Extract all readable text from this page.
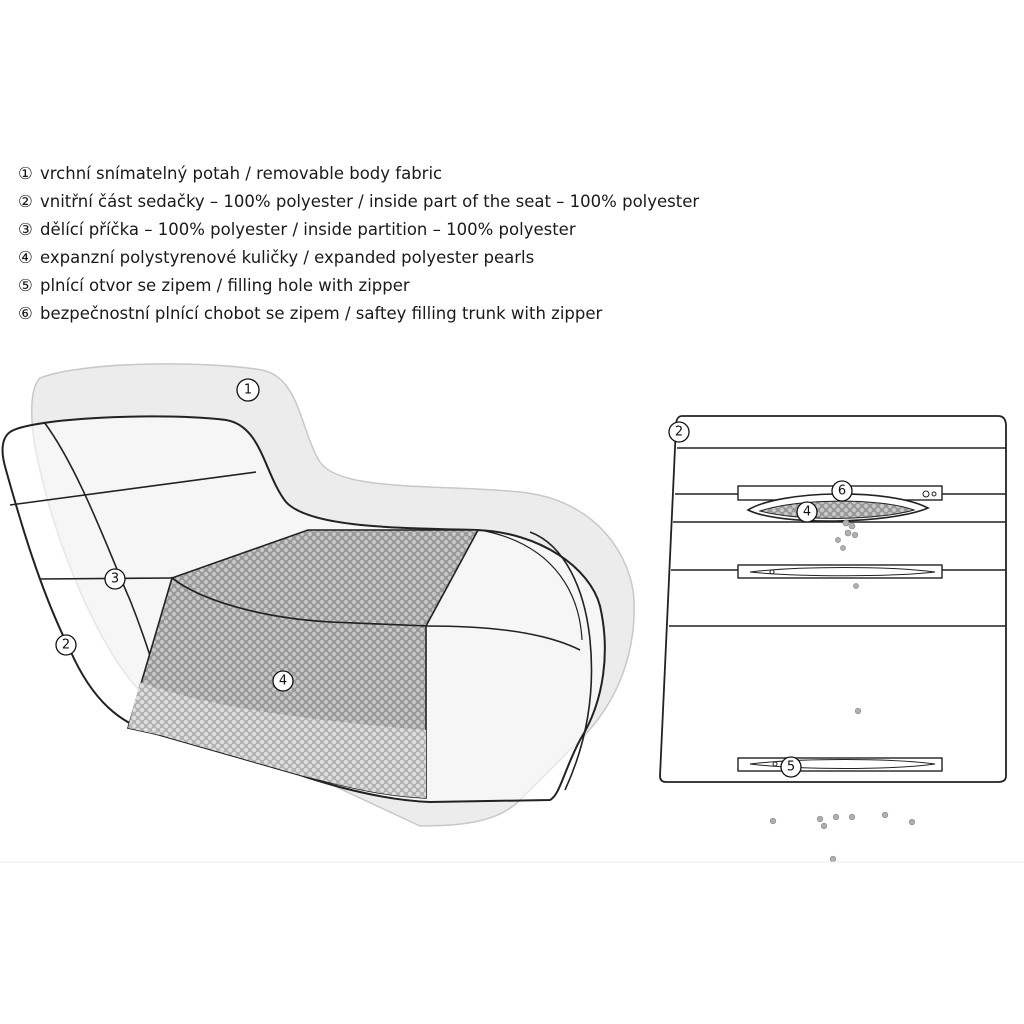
① vrchní snímatelný potah / removable body fabric
② vnitřní část sedačky – 100% polyester / inside part of the seat – 100% polyester
③ dělící příčka – 100% polyester / inside partition – 100% polyester
④ expanzní polystyrenové kuličky / expanded polyester pearls
⑤ plnící otvor se zipem / filling hole with zipper
⑥ bezpečnostní plnící chobot se zipem / saftey filling trunk with zipper
1
3
2
4
2
6
4
5
